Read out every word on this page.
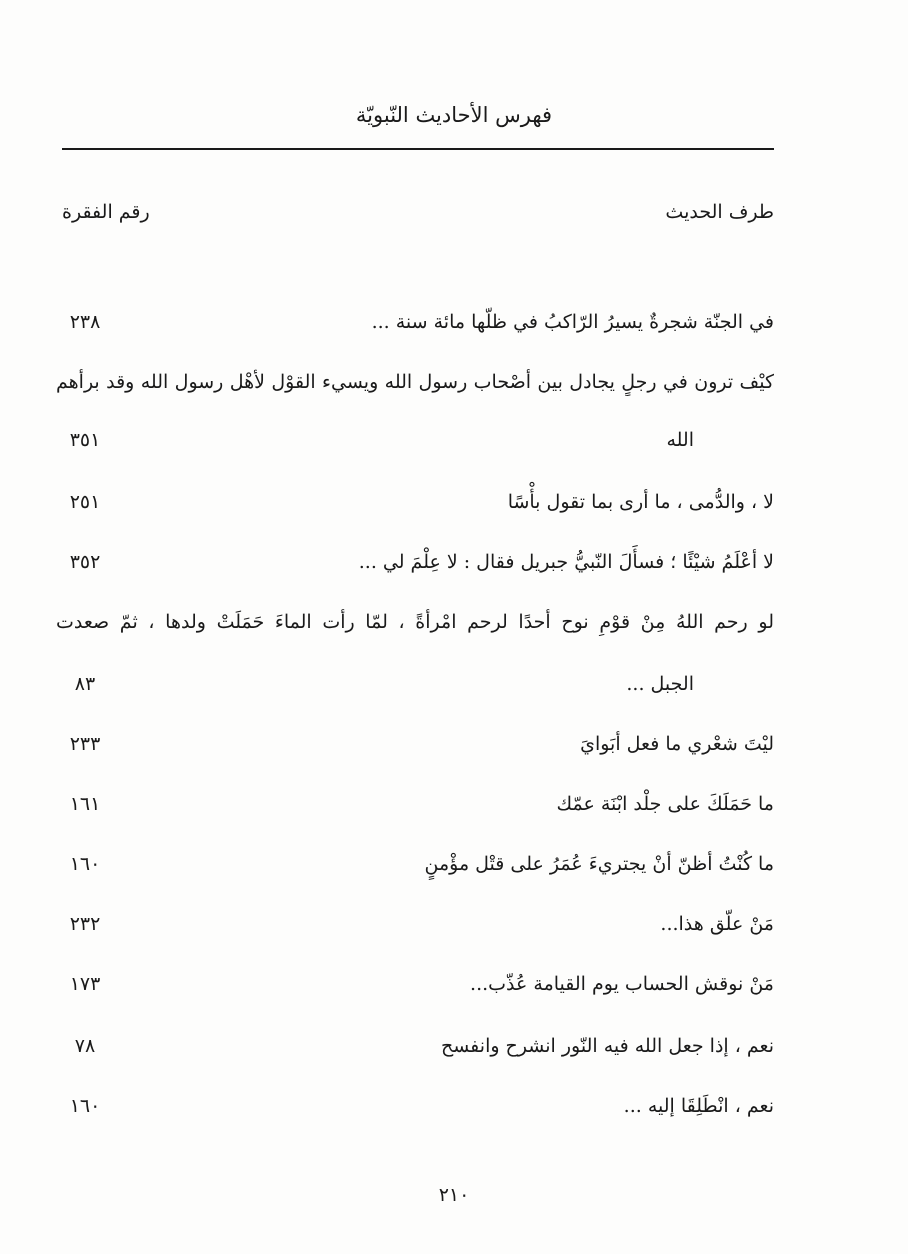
فهرس الأحاديث النّبويّة
طرف الحديث
رقم الفقرة
في الجنّة شجرةٌ يسيرُ الرّاكبُ في ظلّها مائة سنة ...
٢٣٨
كيْف ترون في رجلٍ يجادل بين أصْحاب رسول الله ويسيء القوْل لأهْل رسول الله وقد برأهم
الله
٣٥١
لا ، والدُّمى ، ما أرى بما تقول بأْسًا
٢٥١
لا أعْلَمُ شيْئًا ؛ فسأَلَ النّبيُّ جبريل فقال : لا عِلْمَ لي ...
٣٥٢
لو رحم اللهُ مِنْ قوْمِ نوح أحدًا لرحم امْرأةً ، لمّا رأت الماءَ حَمَلَتْ ولدها ، ثمّ صعدت
الجبل ...
٨٣
ليْتَ شعْري ما فعل أبَوايَ
٢٣٣
ما حَمَلَكَ على جلْد ابْنَة عمّك
١٦١
ما كُنْتُ أظنّ أنْ يجتريءَ عُمَرُ على قتْل مؤْمنٍ
١٦٠
مَنْ علّق هذا...
٢٣٢
مَنْ نوقش الحساب يوم القيامة عُذّب...
١٧٣
نعم ، إذا جعل الله فيه النّور انشرح وانفسح
٧٨
نعم ، انْطَلِقَا إليه ...
١٦٠
٢١٠
